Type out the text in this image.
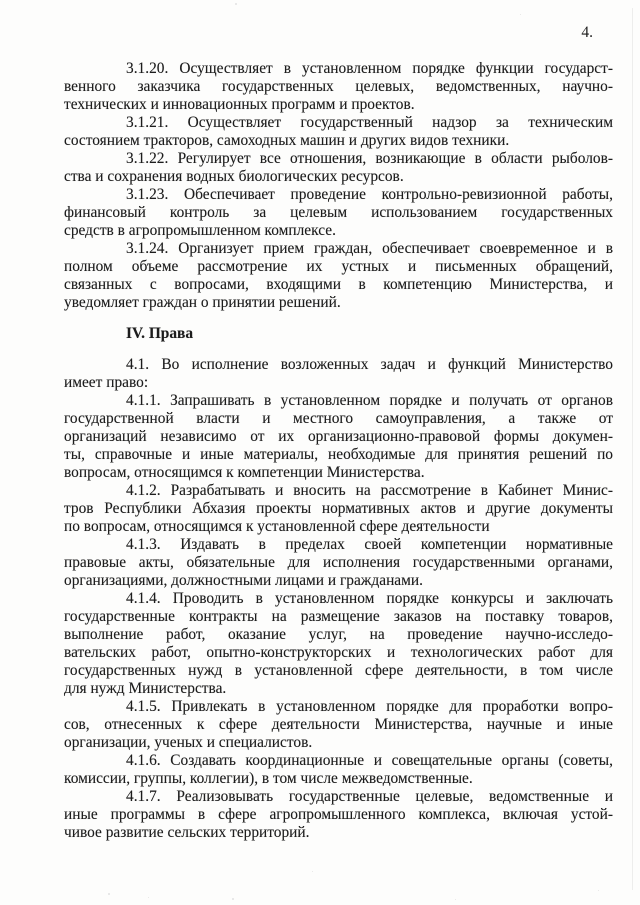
4.
3.1.20. Осуществляет в установленном порядке функции государст-
венного заказчика государственных целевых, ведомственных, научно-
технических и инновационных программ и проектов.
3.1.21. Осуществляет государственный надзор за техническим
состоянием тракторов, самоходных машин и других видов техники.
3.1.22. Регулирует все отношения, возникающие в области рыболов-
ства и сохранения водных биологических ресурсов.
3.1.23. Обеспечивает проведение контрольно-ревизионной работы,
финансовый контроль за целевым использованием государственных
средств в агропромышленном комплексе.
3.1.24. Организует прием граждан, обеспечивает своевременное и в
полном объеме рассмотрение их устных и письменных обращений,
связанных с вопросами, входящими в компетенцию Министерства, и
уведомляет граждан о принятии решений.
IV. Права
4.1. Во исполнение возложенных задач и функций Министерство
имеет право:
4.1.1. Запрашивать в установленном порядке и получать от органов
государственной власти и местного самоуправления, а также от
организаций независимо от их организационно-правовой формы докумен-
ты, справочные и иные материалы, необходимые для принятия решений по
вопросам, относящимся к компетенции Министерства.
4.1.2. Разрабатывать и вносить на рассмотрение в Кабинет Минис-
тров Республики Абхазия проекты нормативных актов и другие документы
по вопросам, относящимся к установленной сфере деятельности
4.1.3. Издавать в пределах своей компетенции нормативные
правовые акты, обязательные для исполнения государственными органами,
организациями, должностными лицами и гражданами.
4.1.4. Проводить в установленном порядке конкурсы и заключать
государственные контракты на размещение заказов на поставку товаров,
выполнение работ, оказание услуг, на проведение научно-исследо-
вательских работ, опытно-конструкторских и технологических работ для
государственных нужд в установленной сфере деятельности, в том числе
для нужд Министерства.
4.1.5. Привлекать в установленном порядке для проработки вопро-
сов, отнесенных к сфере деятельности Министерства, научные и иные
организации, ученых и специалистов.
4.1.6. Создавать координационные и совещательные органы (советы,
комиссии, группы, коллегии), в том числе межведомственные.
4.1.7. Реализовывать государственные целевые, ведомственные и
иные программы в сфере агропромышленного комплекса, включая устой-
чивое развитие сельских территорий.
